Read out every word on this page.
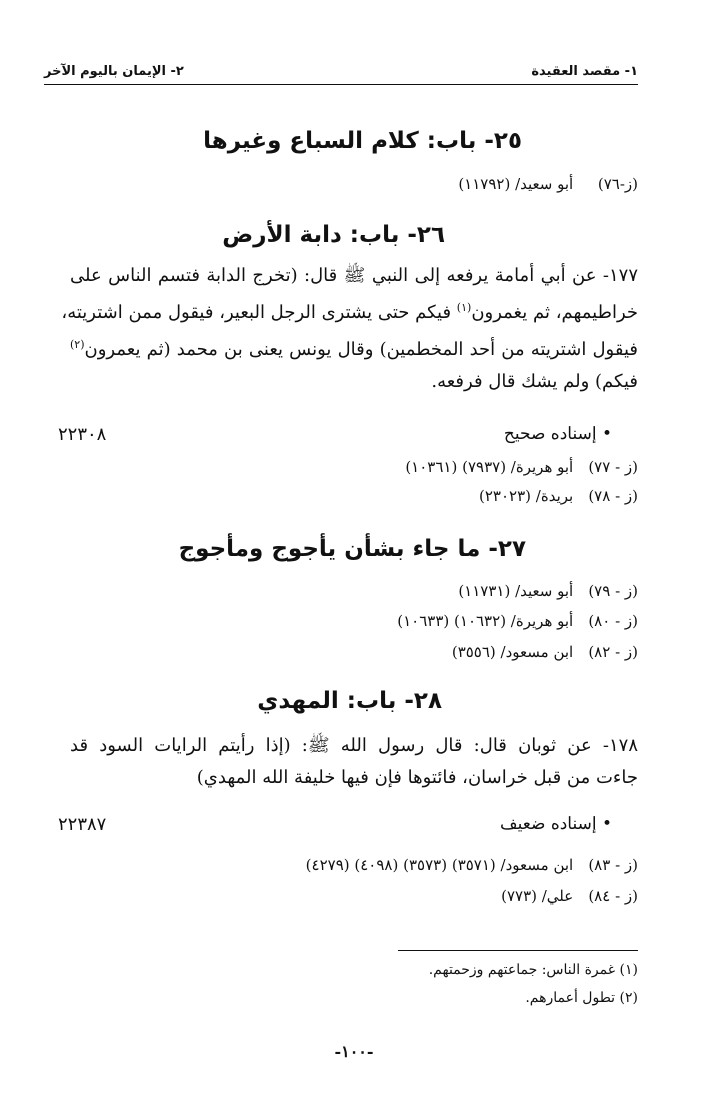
١- مقصد العقيدة
٢- الإيمان باليوم الآخر
٢٥- باب: كلام السباع وغيرها
(ز-٧٦) أبو سعيد/ (١١٧٩٢)
٢٦- باب: دابة الأرض
١٧٧- عن أبي أمامة يرفعه إلى النبي ﷺ قال: (تخرج الدابة فتسم الناس على
خراطيمهم، ثم يغمرون$^{(١)}$ فيكم حتى يشترى الرجل البعير، فيقول ممن اشتريته،
فيقول اشتريته من أحد المخطمين) وقال يونس يعنى بن محمد (ثم يعمرون$^{(٢)}$
فيكم) ولم يشك قال فرفعه.
• إسناده صحيح
٢٢٣٠٨
(ز - ٧٧) أبو هريرة/ (٧٩٣٧) (١٠٣٦١)
(ز - ٧٨) بريدة/ (٢٣٠٢٣)
٢٧- ما جاء بشأن يأجوج ومأجوج
(ز - ٧٩) أبو سعيد/ (١١٧٣١)
(ز - ٨٠) أبو هريرة/ (١٠٦٣٢) (١٠٦٣٣)
(ز - ٨٢) ابن مسعود/ (٣٥٥٦)
٢٨- باب: المهدي
١٧٨- عن ثوبان قال: قال رسول الله ﷺ: (إذا رأيتم الرايات السود قد
جاءت من قبل خراسان، فائتوها فإن فيها خليفة الله المهدي)
• إسناده ضعيف
٢٢٣٨٧
(ز - ٨٣) ابن مسعود/ (٣٥٧١) (٣٥٧٣) (٤٠٩٨) (٤٢٧٩)
(ز - ٨٤) علي/ (٧٧٣)
(١) غمرة الناس: جماعتهم وزحمتهم.
(٢) تطول أعمارهم.
-١٠٠-
